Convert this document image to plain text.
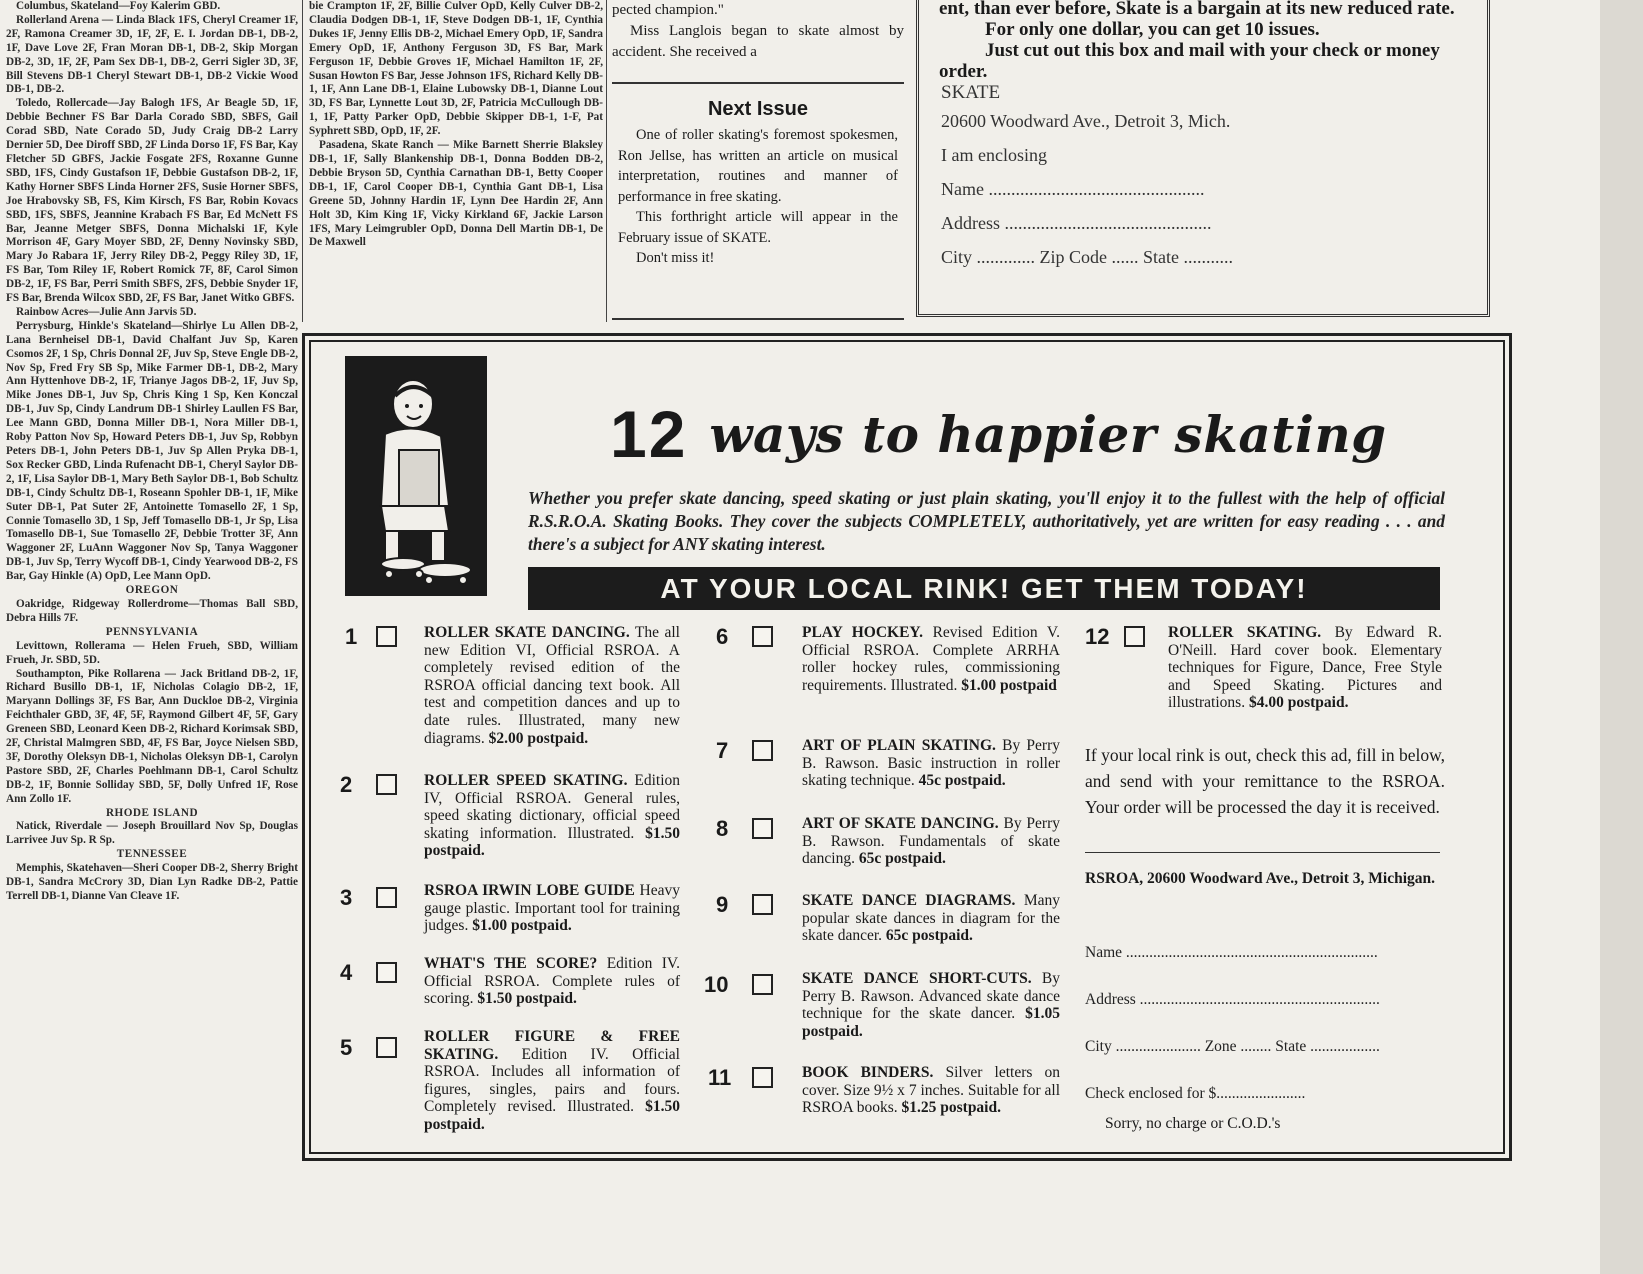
Columbus, Skateland—Foy Kalerim GBD.

Rollerland Arena — Linda Black 1FS, Cheryl Creamer 1F, 2F, Ramona Creamer 3D, 1F, 2F, E. I. Jordan DB-1, DB-2, 1F, Dave Love 2F, Fran Moran DB-1, DB-2, Skip Morgan DB-2, 3D, 1F, 2F, Pam Sex DB-1, DB-2, Gerri Sigler 3D, 3F, Bill Stevens DB-1 Cheryl Stewart DB-1, DB-2 Vickie Wood DB-1, DB-2.

Toledo, Rollercade—Jay Balogh 1FS, Ar Beagle 5D, 1F, Debbie Bechner FS Bar Darla Corado SBD, SBFS, Gail Corad SBD, Nate Corado 5D, Judy Craig DB-2 Larry Dernier 5D, Dee Diroff SBD, 2F Linda Dorso 1F, FS Bar, Kay Fletcher 5D GBFS, Jackie Fosgate 2FS, Roxanne Gunne SBD, 1FS, Cindy Gustafson 1F, Debbie Gustafson DB-2, 1F, Kathy Horner SBFS Linda Horner 2FS, Susie Horner SBFS, Joe Hrabovsky SB, FS, Kim Kirsch, FS Bar, Robin Kovacs SBD, 1FS, SBFS, Jeannine Krabach FS Bar, Ed McNett FS Bar, Jeanne Metger SBFS, Donna Michalski 1F, Kyle Morrison 4F, Gary Moyer SBD, 2F, Denny Novinsky SBD, Mary Jo Rabara 1F, Jerry Riley DB-2, Peggy Riley 3D, 1F, FS Bar, Tom Riley 1F, Robert Romick 7F, 8F, Carol Simon DB-2, 1F, FS Bar, Perri Smith SBFS, 2FS, Debbie Snyder 1F, FS Bar, Brenda Wilcox SBD, 2F, FS Bar, Janet Witko GBFS.

Rainbow Acres—Julie Ann Jarvis 5D.

Perrysburg, Hinkle's Skateland—Shirlye Lu Allen DB-2, Lana Bernheisel DB-1, David Chalfant Juv Sp, Karen Csomos 2F, 1 Sp, Chris Donnal 2F, Juv Sp, Steve Engle DB-2, Nov Sp, Fred Fry SB Sp, Mike Farmer DB-1, DB-2, Mary Ann Hyttenhove DB-2, 1F, Trianye Jagos DB-2, 1F, Juv Sp, Mike Jones DB-1, Juv Sp, Chris King 1 Sp, Ken Konczal DB-1, Juv Sp, Cindy Landrum DB-1 Shirley Laullen FS Bar, Lee Mann GBD, Donna Miller DB-1, Nora Miller DB-1, Roby Patton Nov Sp, Howard Peters DB-1, Juv Sp, Robbyn Peters DB-1, John Peters DB-1, Juv Sp Allen Pryka DB-1, Sox Recker GBD, Linda Rufenacht DB-1, Cheryl Saylor DB-2, 1F, Lisa Saylor DB-1, Mary Beth Saylor DB-1, Bob Schultz DB-1, Cindy Schultz DB-1, Roseann Spohler DB-1, 1F, Mike Suter DB-1, Pat Suter 2F, Antoinette Tomasello 2F, 1 Sp, Connie Tomasello 3D, 1 Sp, Jeff Tomasello DB-1, Jr Sp, Lisa Tomasello DB-1, Sue Tomasello 2F, Debbie Trotter 3F, Ann Waggoner 2F, LuAnn Waggoner Nov Sp, Tanya Waggoner DB-1, Juv Sp, Terry Wycoff DB-1, Cindy Yearwood DB-2, FS Bar, Gay Hinkle (A) OpD, Lee Mann OpD.

OREGON

Oakridge, Ridgeway Rollerdrome—Thomas Ball SBD, Debra Hills 7F.

PENNSYLVANIA

Levittown, Rollerama — Helen Frueh, SBD, William Frueh, Jr. SBD, 5D.

Southampton, Pike Rollarena — Jack Britland DB-2, 1F, Richard Busillo DB-1, 1F, Nicholas Colagio DB-2, 1F, Maryann Dollings 3F, FS Bar, Ann Duckloe DB-2, Virginia Feichthaler GBD, 3F, 4F, 5F, Raymond Gilbert 4F, 5F, Gary Greneen SBD, Leonard Keen DB-2, Richard Korimsak SBD, 2F, Christal Malmgren SBD, 4F, FS Bar, Joyce Nielsen SBD, 3F, Dorothy Oleksyn DB-1, Nicholas Oleksyn DB-1, Carolyn Pastore SBD, 2F, Charles Poehlmann DB-1, Carol Schultz DB-2, 1F, Bonnie Solliday SBD, 5F, Dolly Unfred 1F, Rose Ann Zollo 1F.

RHODE ISLAND

Natick, Riverdale — Joseph Brouillard Nov Sp, Douglas Larrivee Juv Sp. R Sp.

TENNESSEE

Memphis, Skatehaven—Sheri Cooper DB-2, Sherry Bright DB-1, Sandra McCrory 3D, Dian Lyn Radke DB-2, Pattie Terrell DB-1, Dianne Van Cleave 1F.

bie Crampton 1F, 2F, Billie Culver OpD, Kelly Culver DB-2, Claudia Dodgen DB-1, 1F, Steve Dodgen DB-1, 1F, Cynthia Dukes 1F, Jenny Ellis DB-2, Michael Emery OpD, 1F, Sandra Emery OpD, 1F, Anthony Ferguson 3D, FS Bar, Mark Ferguson 1F, Debbie Groves 1F, Michael Hamilton 1F, 2F, Susan Howton FS Bar, Jesse Johnson 1FS, Richard Kelly DB-1, 1F, Ann Lane DB-1, Elaine Lubowsky DB-1, Dianne Lout 3D, FS Bar, Lynnette Lout 3D, 2F, Patricia McCullough DB-1, 1F, Patty Parker OpD, Debbie Skipper DB-1, 1-F, Pat Syphrett SBD, OpD, 1F, 2F.

Pasadena, Skate Ranch — Mike Barnett Sherrie Blaksley DB-1, 1F, Sally Blankenship DB-1, Donna Bodden DB-2, Debbie Bryson 5D, Cynthia Carnathan DB-1, Betty Cooper DB-1, 1F, Carol Cooper DB-1, Cynthia Gant DB-1, Lisa Greene 5D, Johnny Hardin 1F, Lynn Dee Hardin 2F, Ann Holt 3D, Kim King 1F, Vicky Kirkland 6F, Jackie Larson 1FS, Mary Leimgrubler OpD, Donna Dell Martin DB-1, De De Maxwell

pected champion."

Miss Langlois began to skate almost by accident. She received a

Next Issue

One of roller skating's foremost spokesmen, Ron Jellse, has written an article on musical interpretation, routines and manner of performance in free skating.

This forthright article will appear in the February issue of SKATE.

Don't miss it!

ent, than ever before, Skate is a bargain at its new reduced rate.

For only one dollar, you can get 10 issues.

Just cut out this box and mail with your check or money order.

SKATE
20600 Woodward Ave., Detroit 3, Mich.
I am enclosing
Name ................................................
Address ..............................................
City ............. Zip Code ...... State ...........
12 ways to happier skating
Whether you prefer skate dancing, speed skating or just plain skating, you'll enjoy it to the fullest with the help of official R.S.R.O.A. Skating Books. They cover the subjects COMPLETELY, authoritatively, yet are written for easy reading . . . and there's a subject for ANY skating interest.
AT YOUR LOCAL RINK! GET THEM TODAY!
1	ROLLER SKATE DANCING. The all new Edition VI, Official RSROA. A completely revised edition of the RSROA official dancing text book. All test and competition dances and up to date rules. Illustrated, many new diagrams. $2.00 postpaid.
2	ROLLER SPEED SKATING. Edition IV, Official RSROA. General rules, speed skating dictionary, official speed skating information. Illustrated. $1.50 postpaid.
3	RSROA IRWIN LOBE GUIDE Heavy gauge plastic. Important tool for training judges. $1.00 postpaid.
4	WHAT'S THE SCORE? Edition IV. Official RSROA. Complete rules of scoring. $1.50 postpaid.
5	ROLLER FIGURE & FREE SKATING. Edition IV. Official RSROA. Includes all information of figures, singles, pairs and fours. Completely revised. Illustrated. $1.50 postpaid.
6	PLAY HOCKEY. Revised Edition V. Official RSROA. Complete ARRHA roller hockey rules, commissioning requirements. Illustrated. $1.00 postpaid
7	ART OF PLAIN SKATING. By Perry B. Rawson. Basic instruction in roller skating technique. 45c postpaid.
8	ART OF SKATE DANCING. By Perry B. Rawson. Fundamentals of skate dancing. 65c postpaid.
9	SKATE DANCE DIAGRAMS. Many popular skate dances in diagram for the skate dancer. 65c postpaid.
10	SKATE DANCE SHORT-CUTS. By Perry B. Rawson. Advanced skate dance technique for the skate dancer. $1.05 postpaid.
11	BOOK BINDERS. Silver letters on cover. Size 9½ x 7 inches. Suitable for all RSROA books. $1.25 postpaid.
12	ROLLER SKATING. By Edward R. O'Neill. Hard cover book. Elementary techniques for Figure, Dance, Free Style and Speed Skating. Pictures and illustrations. $4.00 postpaid.

If your local rink is out, check this ad, fill in below, and send with your remittance to the RSROA. Your order will be processed the day it is received.

RSROA, 20600 Woodward Ave., Detroit 3, Michigan.
Name .................................................................
Address ..............................................................
City ...................... Zone ........ State ..................
Check enclosed for $.......................
Sorry, no charge or C.O.D.'s
